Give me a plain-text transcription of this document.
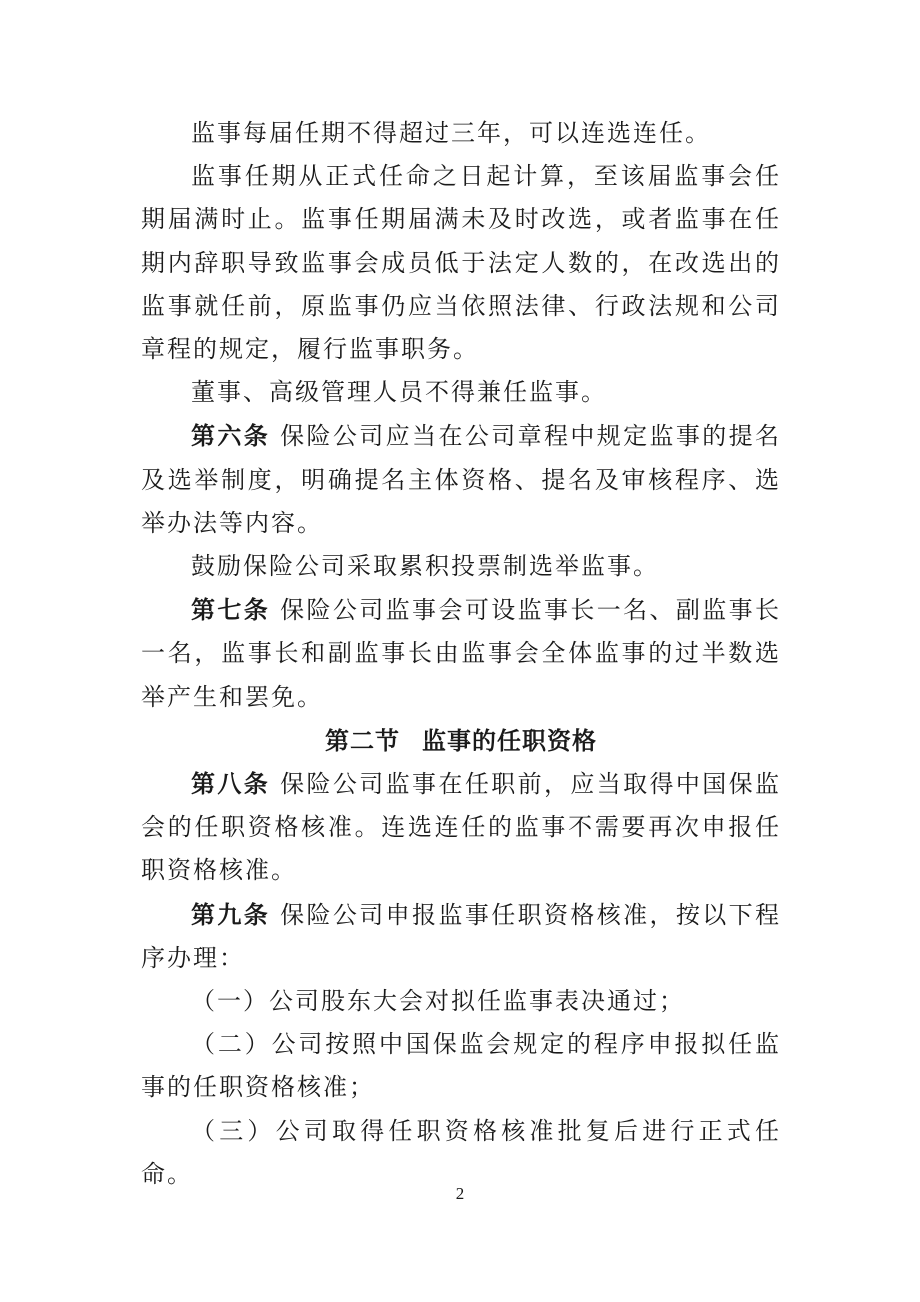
监事每届任期不得超过三年，可以连选连任。

监事任期从正式任命之日起计算，至该届监事会任期届满时止。监事任期届满未及时改选，或者监事在任期内辞职导致监事会成员低于法定人数的，在改选出的监事就任前，原监事仍应当依照法律、行政法规和公司章程的规定，履行监事职务。

董事、高级管理人员不得兼任监事。

第六条 保险公司应当在公司章程中规定监事的提名及选举制度，明确提名主体资格、提名及审核程序、选举办法等内容。

鼓励保险公司采取累积投票制选举监事。

第七条 保险公司监事会可设监事长一名、副监事长一名，监事长和副监事长由监事会全体监事的过半数选举产生和罢免。

第二节 监事的任职资格

第八条 保险公司监事在任职前，应当取得中国保监会的任职资格核准。连选连任的监事不需要再次申报任职资格核准。

第九条 保险公司申报监事任职资格核准，按以下程序办理：

（一）公司股东大会对拟任监事表决通过；

（二）公司按照中国保监会规定的程序申报拟任监事的任职资格核准；

（三）公司取得任职资格核准批复后进行正式任命。

2
